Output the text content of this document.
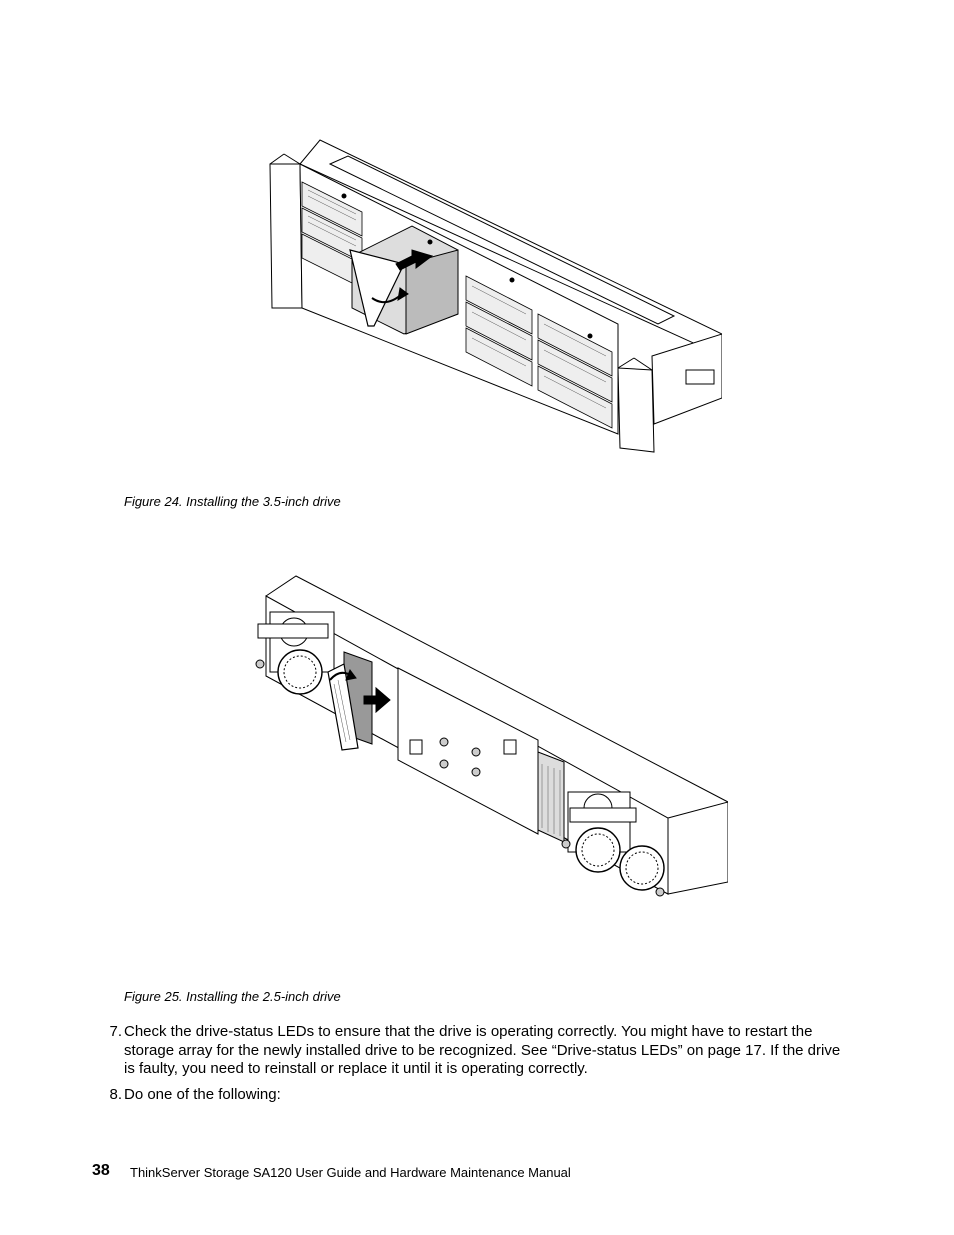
Figure 24. Installing the 3.5-inch drive
Figure 25. Installing the 2.5-inch drive
7. Check the drive-status LEDs to ensure that the drive is operating correctly. You might have to restart the storage array for the newly installed drive to be recognized. See “Drive-status LEDs” on page 17. If the drive is faulty, you need to reinstall or replace it until it is operating correctly.
8. Do one of the following:
38 ThinkServer Storage SA120 User Guide and Hardware Maintenance Manual
